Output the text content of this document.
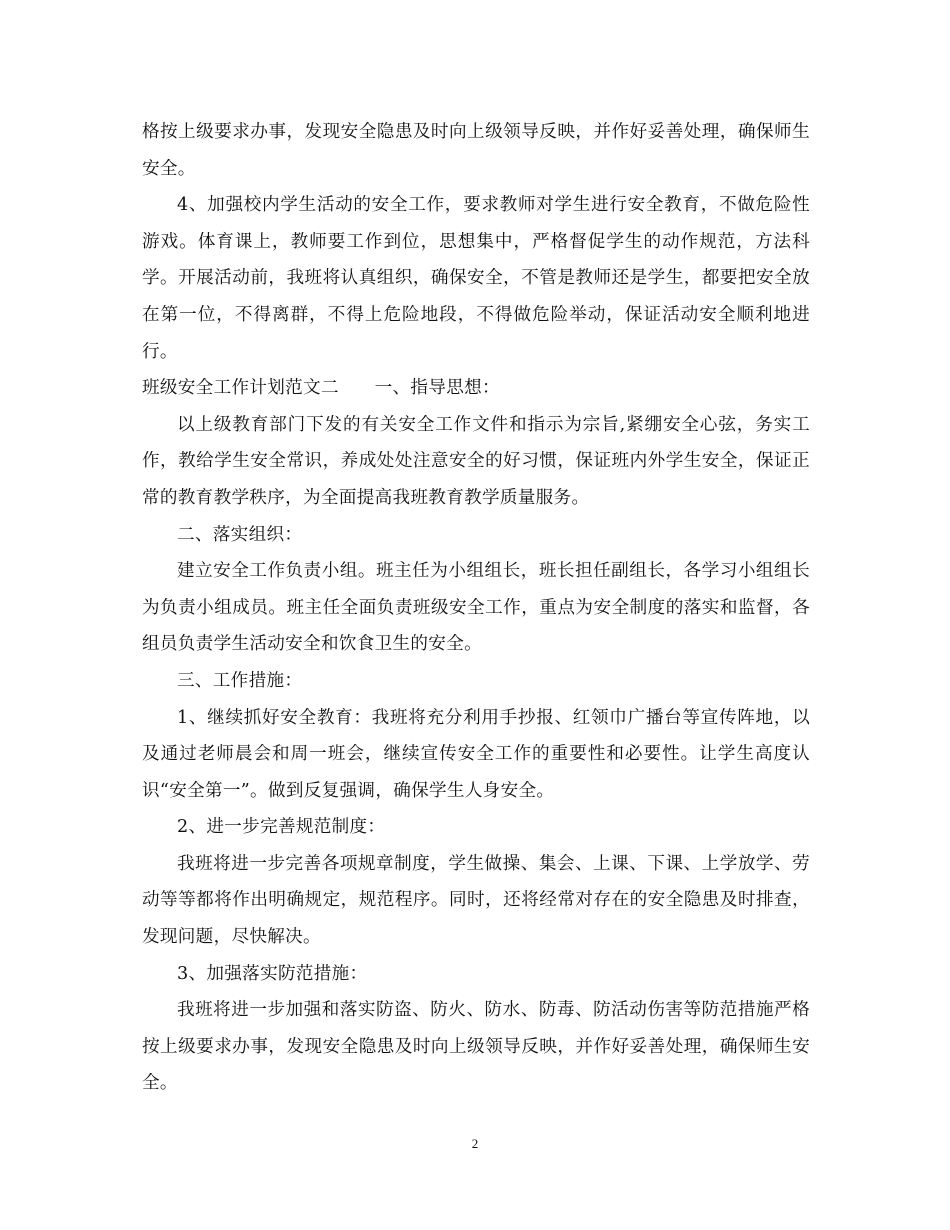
格按上级要求办事，发现安全隐患及时向上级领导反映，并作好妥善处理，确保师生安全。

4、加强校内学生活动的安全工作，要求教师对学生进行安全教育，不做危险性游戏。体育课上，教师要工作到位，思想集中，严格督促学生的动作规范，方法科学。开展活动前，我班将认真组织，确保安全，不管是教师还是学生，都要把安全放在第一位，不得离群，不得上危险地段，不得做危险举动，保证活动安全顺利地进行。

班级安全工作计划范文二　　一、指导思想：

以上级教育部门下发的有关安全工作文件和指示为宗旨,紧绷安全心弦，务实工作，教给学生安全常识，养成处处注意安全的好习惯，保证班内外学生安全，保证正常的教育教学秩序，为全面提高我班教育教学质量服务。

二、落实组织：

建立安全工作负责小组。班主任为小组组长，班长担任副组长，各学习小组组长为负责小组成员。班主任全面负责班级安全工作，重点为安全制度的落实和监督，各组员负责学生活动安全和饮食卫生的安全。

三、工作措施：

1、继续抓好安全教育：我班将充分利用手抄报、红领巾广播台等宣传阵地，以及通过老师晨会和周一班会，继续宣传安全工作的重要性和必要性。让学生高度认识“安全第一”。做到反复强调，确保学生人身安全。

2、进一步完善规范制度：

我班将进一步完善各项规章制度，学生做操、集会、上课、下课、上学放学、劳动等等都将作出明确规定，规范程序。同时，还将经常对存在的安全隐患及时排查，发现问题，尽快解决。

3、加强落实防范措施：

我班将进一步加强和落实防盗、防火、防水、防毒、防活动伤害等防范措施严格按上级要求办事，发现安全隐患及时向上级领导反映，并作好妥善处理，确保师生安全。

2
